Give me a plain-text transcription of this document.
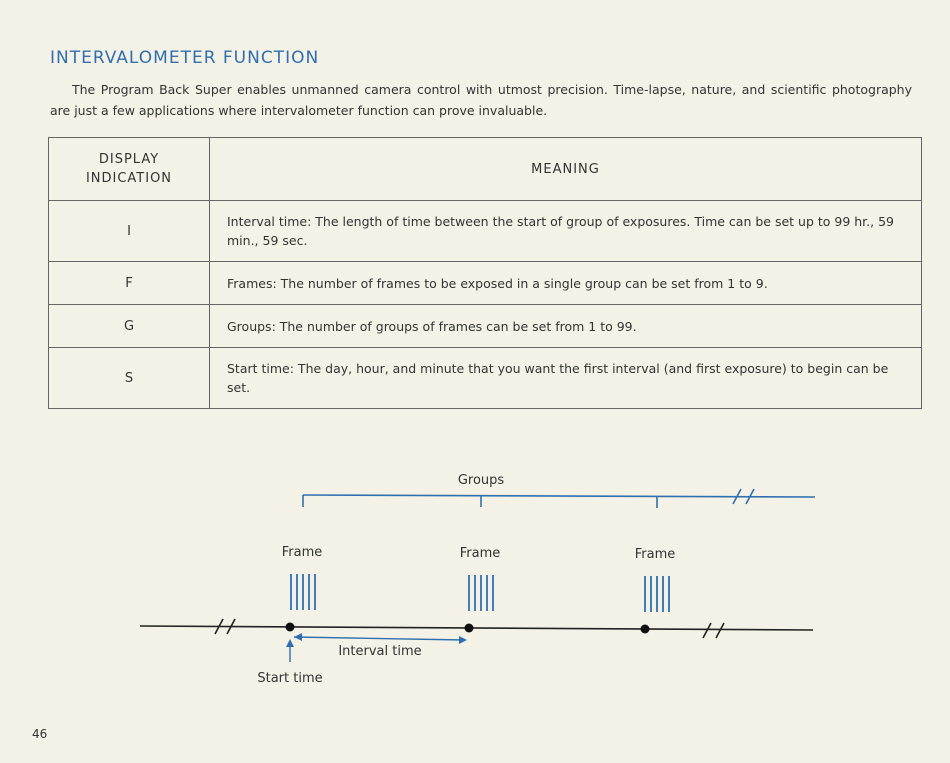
INTERVALOMETER FUNCTION
The Program Back Super enables unmanned camera control with utmost precision. Time-lapse, nature, and scientific photography are just a few applications where intervalometer function can prove invaluable.
DISPLAY
INDICATION	MEANING
I	Interval time: The length of time between the start of group of exposures. Time can be set up to 99 hr., 59 min., 59 sec.
F	Frames: The number of frames to be exposed in a single group can be set from 1 to 9.
G	Groups: The number of groups of frames can be set from 1 to 99.
S	Start time: The day, hour, and minute that you want the first interval (and first exposure) to begin can be set.
Groups
Frame	Frame	Frame
Interval time
Start time
46
